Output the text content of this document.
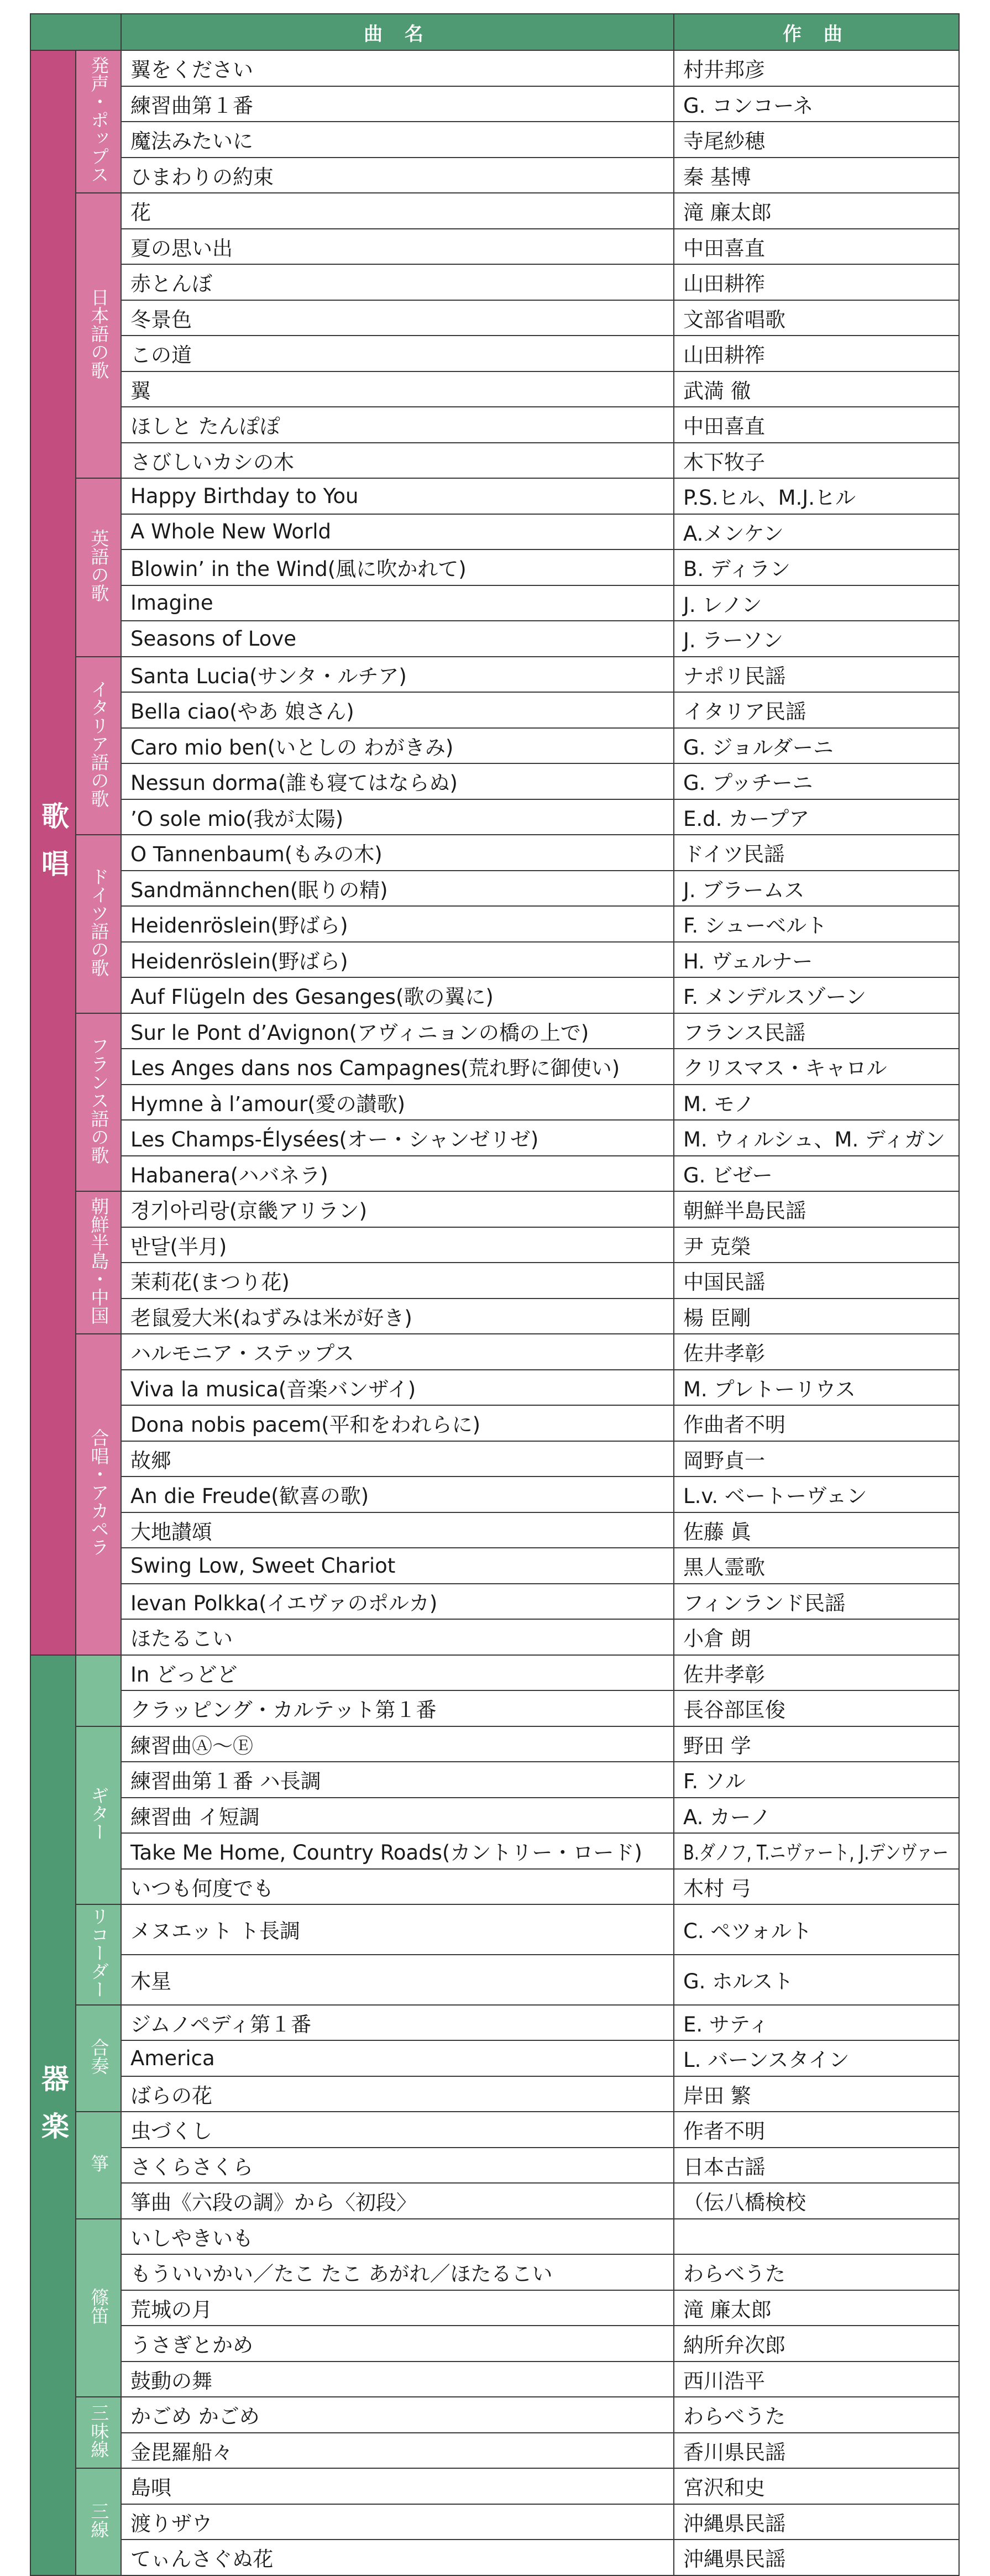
		曲 名	作 曲
歌唱	発声・ポップス	翼をください	村井邦彦
		練習曲第１番	G. コンコーネ
		魔法みたいに	寺尾紗穂
		ひまわりの約束	秦 基博
	日本語の歌	花	滝 廉太郎
		夏の思い出	中田喜直
		赤とんぼ	山田耕筰
		冬景色	文部省唱歌
		この道	山田耕筰
		翼	武満 徹
		ほしと たんぽぽ	中田喜直
		さびしいカシの木	木下牧子
	英語の歌	Happy Birthday to You	P.S.ヒル、M.J.ヒル
		A Whole New World	A.メンケン
		Blowin’ in the Wind(風に吹かれて)	B. ディラン
		Imagine	J. レノン
		Seasons of Love	J. ラーソン
	イタリア語の歌	Santa Lucia(サンタ・ルチア)	ナポリ民謡
		Bella ciao(やあ 娘さん)	イタリア民謡
		Caro mio ben(いとしの わがきみ)	G. ジョルダーニ
		Nessun dorma(誰も寝てはならぬ)	G. プッチーニ
		’O sole mio(我が太陽)	E.d. カープア
	ドイツ語の歌	O Tannenbaum(もみの木)	ドイツ民謡
		Sandmännchen(眠りの精)	J. ブラームス
		Heidenröslein(野ばら)	F. シューベルト
		Heidenröslein(野ばら)	H. ヴェルナー
		Auf Flügeln des Gesanges(歌の翼に)	F. メンデルスゾーン
	フランス語の歌	Sur le Pont d’Avignon(アヴィニョンの橋の上で)	フランス民謡
		Les Anges dans nos Campagnes(荒れ野に御使い)	クリスマス・キャロル
		Hymne à l’amour(愛の讃歌)	M. モノ
		Les Champs-Élysées(オー・シャンゼリゼ)	M. ウィルシュ、M. ディガン
		Habanera(ハバネラ)	G. ビゼー
	朝鮮半島・中国	경기아리랑(京畿アリラン)	朝鮮半島民謡
		반달(半月)	尹 克榮
		茉莉花(まつり花)	中国民謡
		老鼠爱大米(ねずみは米が好き)	楊 臣剛
	合唱・アカペラ	ハルモニア・ステップス	佐井孝彰
		Viva la musica(音楽バンザイ)	M. プレトーリウス
		Dona nobis pacem(平和をわれらに)	作曲者不明
		故郷	岡野貞一
		An die Freude(歓喜の歌)	L.v. ベートーヴェン
		大地讃頌	佐藤 眞
		Swing Low, Sweet Chariot	黒人霊歌
		Ievan Polkka(イエヴァのポルカ)	フィンランド民謡
		ほたるこい	小倉 朗
器楽		In どっどど	佐井孝彰
		クラッピング・カルテット第１番	長谷部匡俊
	ギター	練習曲Ⓐ〜Ⓔ	野田 学
		練習曲第１番 ハ長調	F. ソル
		練習曲 イ短調	A. カーノ
		Take Me Home, Country Roads(カントリー・ロード)	B.ダノフ, T.ニヴァート, J.デンヴァー
		いつも何度でも	木村 弓
	リコーダー	メヌエット ト長調	C. ペツォルト
		木星	G. ホルスト
	合奏	ジムノペディ第１番	E. サティ
		America	L. バーンスタイン
		ばらの花	岸田 繁
	箏	虫づくし	作者不明
		さくらさくら	日本古謡
		箏曲《六段の調》から〈初段〉	（伝八橋検校
	篠笛	いしやきいも	
		もういいかい／たこ たこ あがれ／ほたるこい	わらべうた
		荒城の月	滝 廉太郎
		うさぎとかめ	納所弁次郎
		鼓動の舞	西川浩平
	三味線	かごめ かごめ	わらべうた
		金毘羅船々	香川県民謡
	三線	島唄	宮沢和史
		渡りザウ	沖縄県民謡
		てぃんさぐぬ花	沖縄県民謡
